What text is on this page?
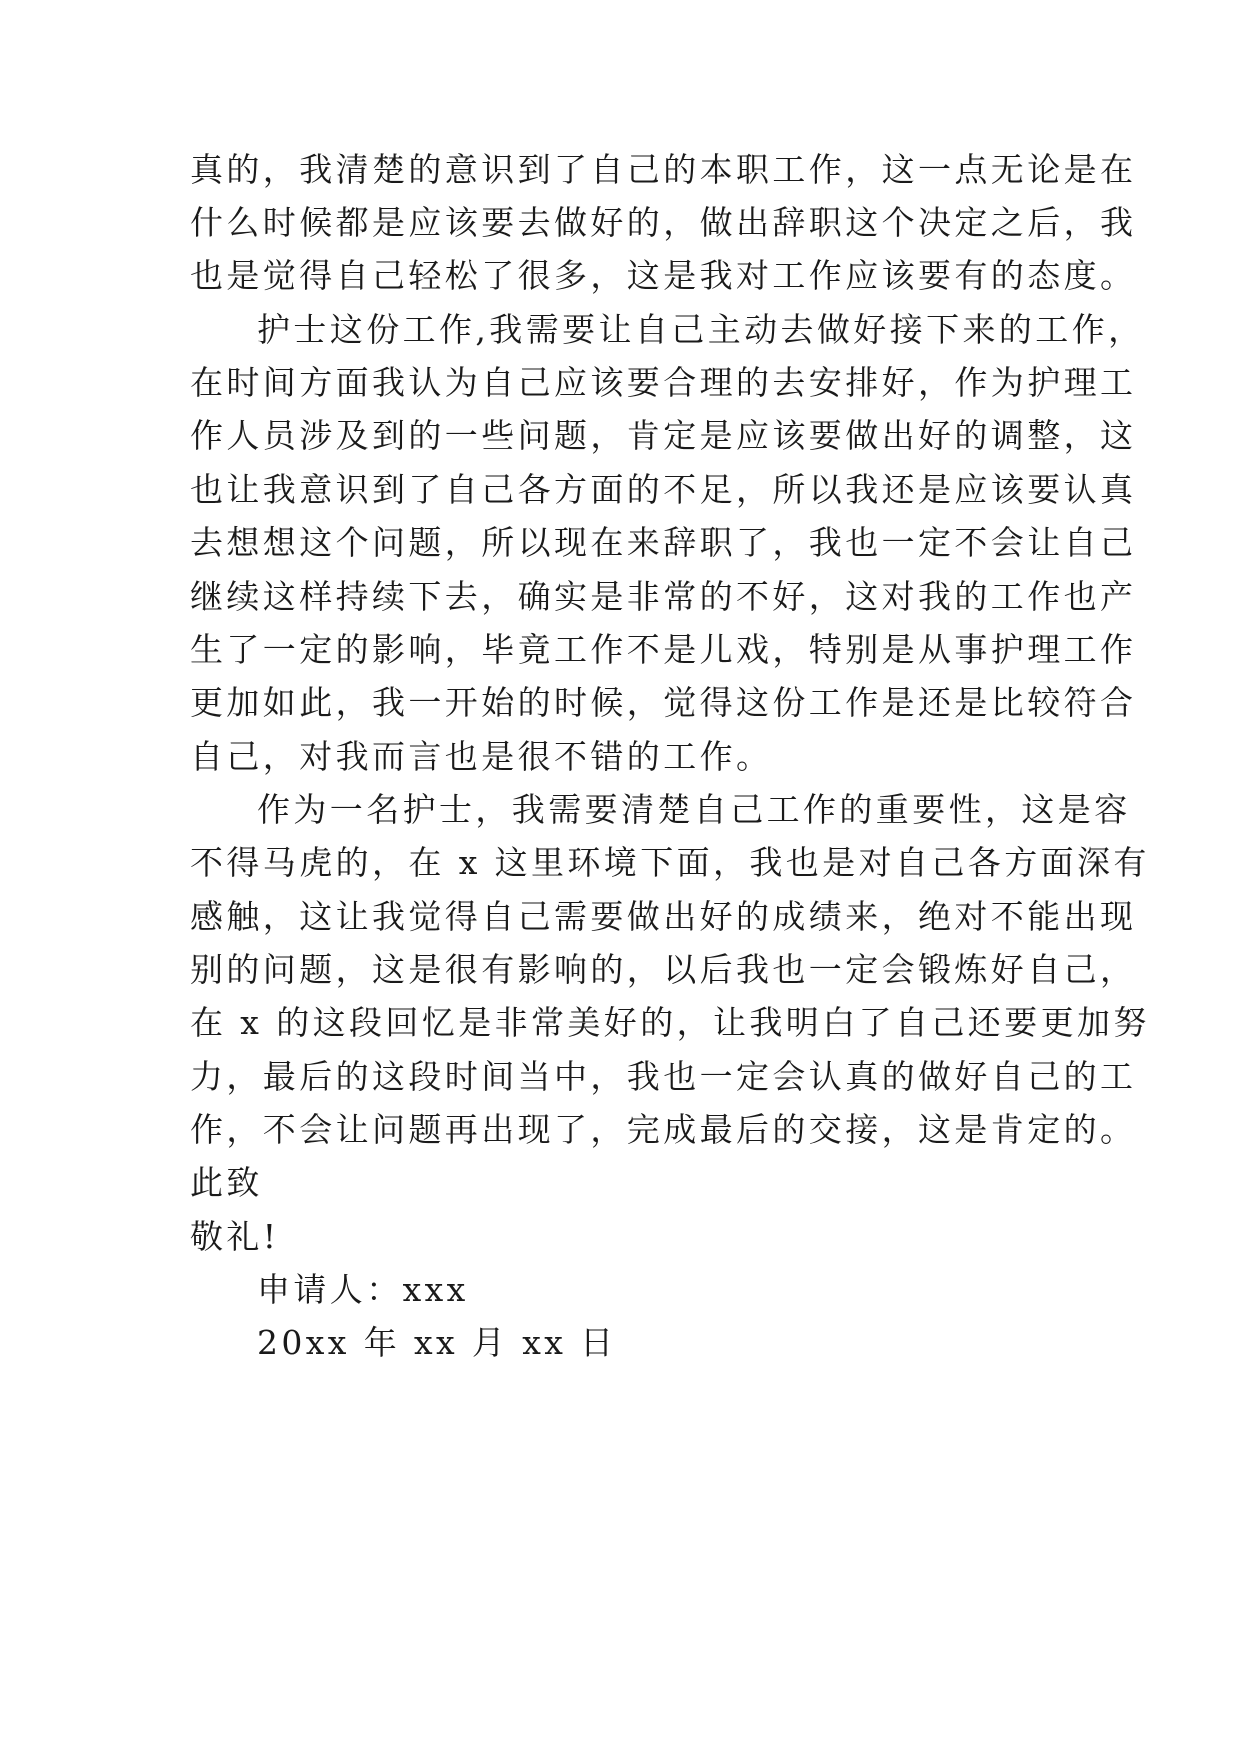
真的，我清楚的意识到了自己的本职工作，这一点无论是在
什么时候都是应该要去做好的，做出辞职这个决定之后，我
也是觉得自己轻松了很多，这是我对工作应该要有的态度。
护士这份工作,我需要让自己主动去做好接下来的工作，
在时间方面我认为自己应该要合理的去安排好，作为护理工
作人员涉及到的一些问题，肯定是应该要做出好的调整，这
也让我意识到了自己各方面的不足，所以我还是应该要认真
去想想这个问题，所以现在来辞职了，我也一定不会让自己
继续这样持续下去，确实是非常的不好，这对我的工作也产
生了一定的影响，毕竟工作不是儿戏，特别是从事护理工作
更加如此，我一开始的时候，觉得这份工作是还是比较符合
自己，对我而言也是很不错的工作。
作为一名护士，我需要清楚自己工作的重要性，这是容
不得马虎的，在 x 这里环境下面，我也是对自己各方面深有
感触，这让我觉得自己需要做出好的成绩来，绝对不能出现
别的问题，这是很有影响的，以后我也一定会锻炼好自己，
在 x 的这段回忆是非常美好的，让我明白了自己还要更加努
力，最后的这段时间当中，我也一定会认真的做好自己的工
作，不会让问题再出现了，完成最后的交接，这是肯定的。
此致
敬礼!
申请人：xxx
20xx 年 xx 月 xx 日
